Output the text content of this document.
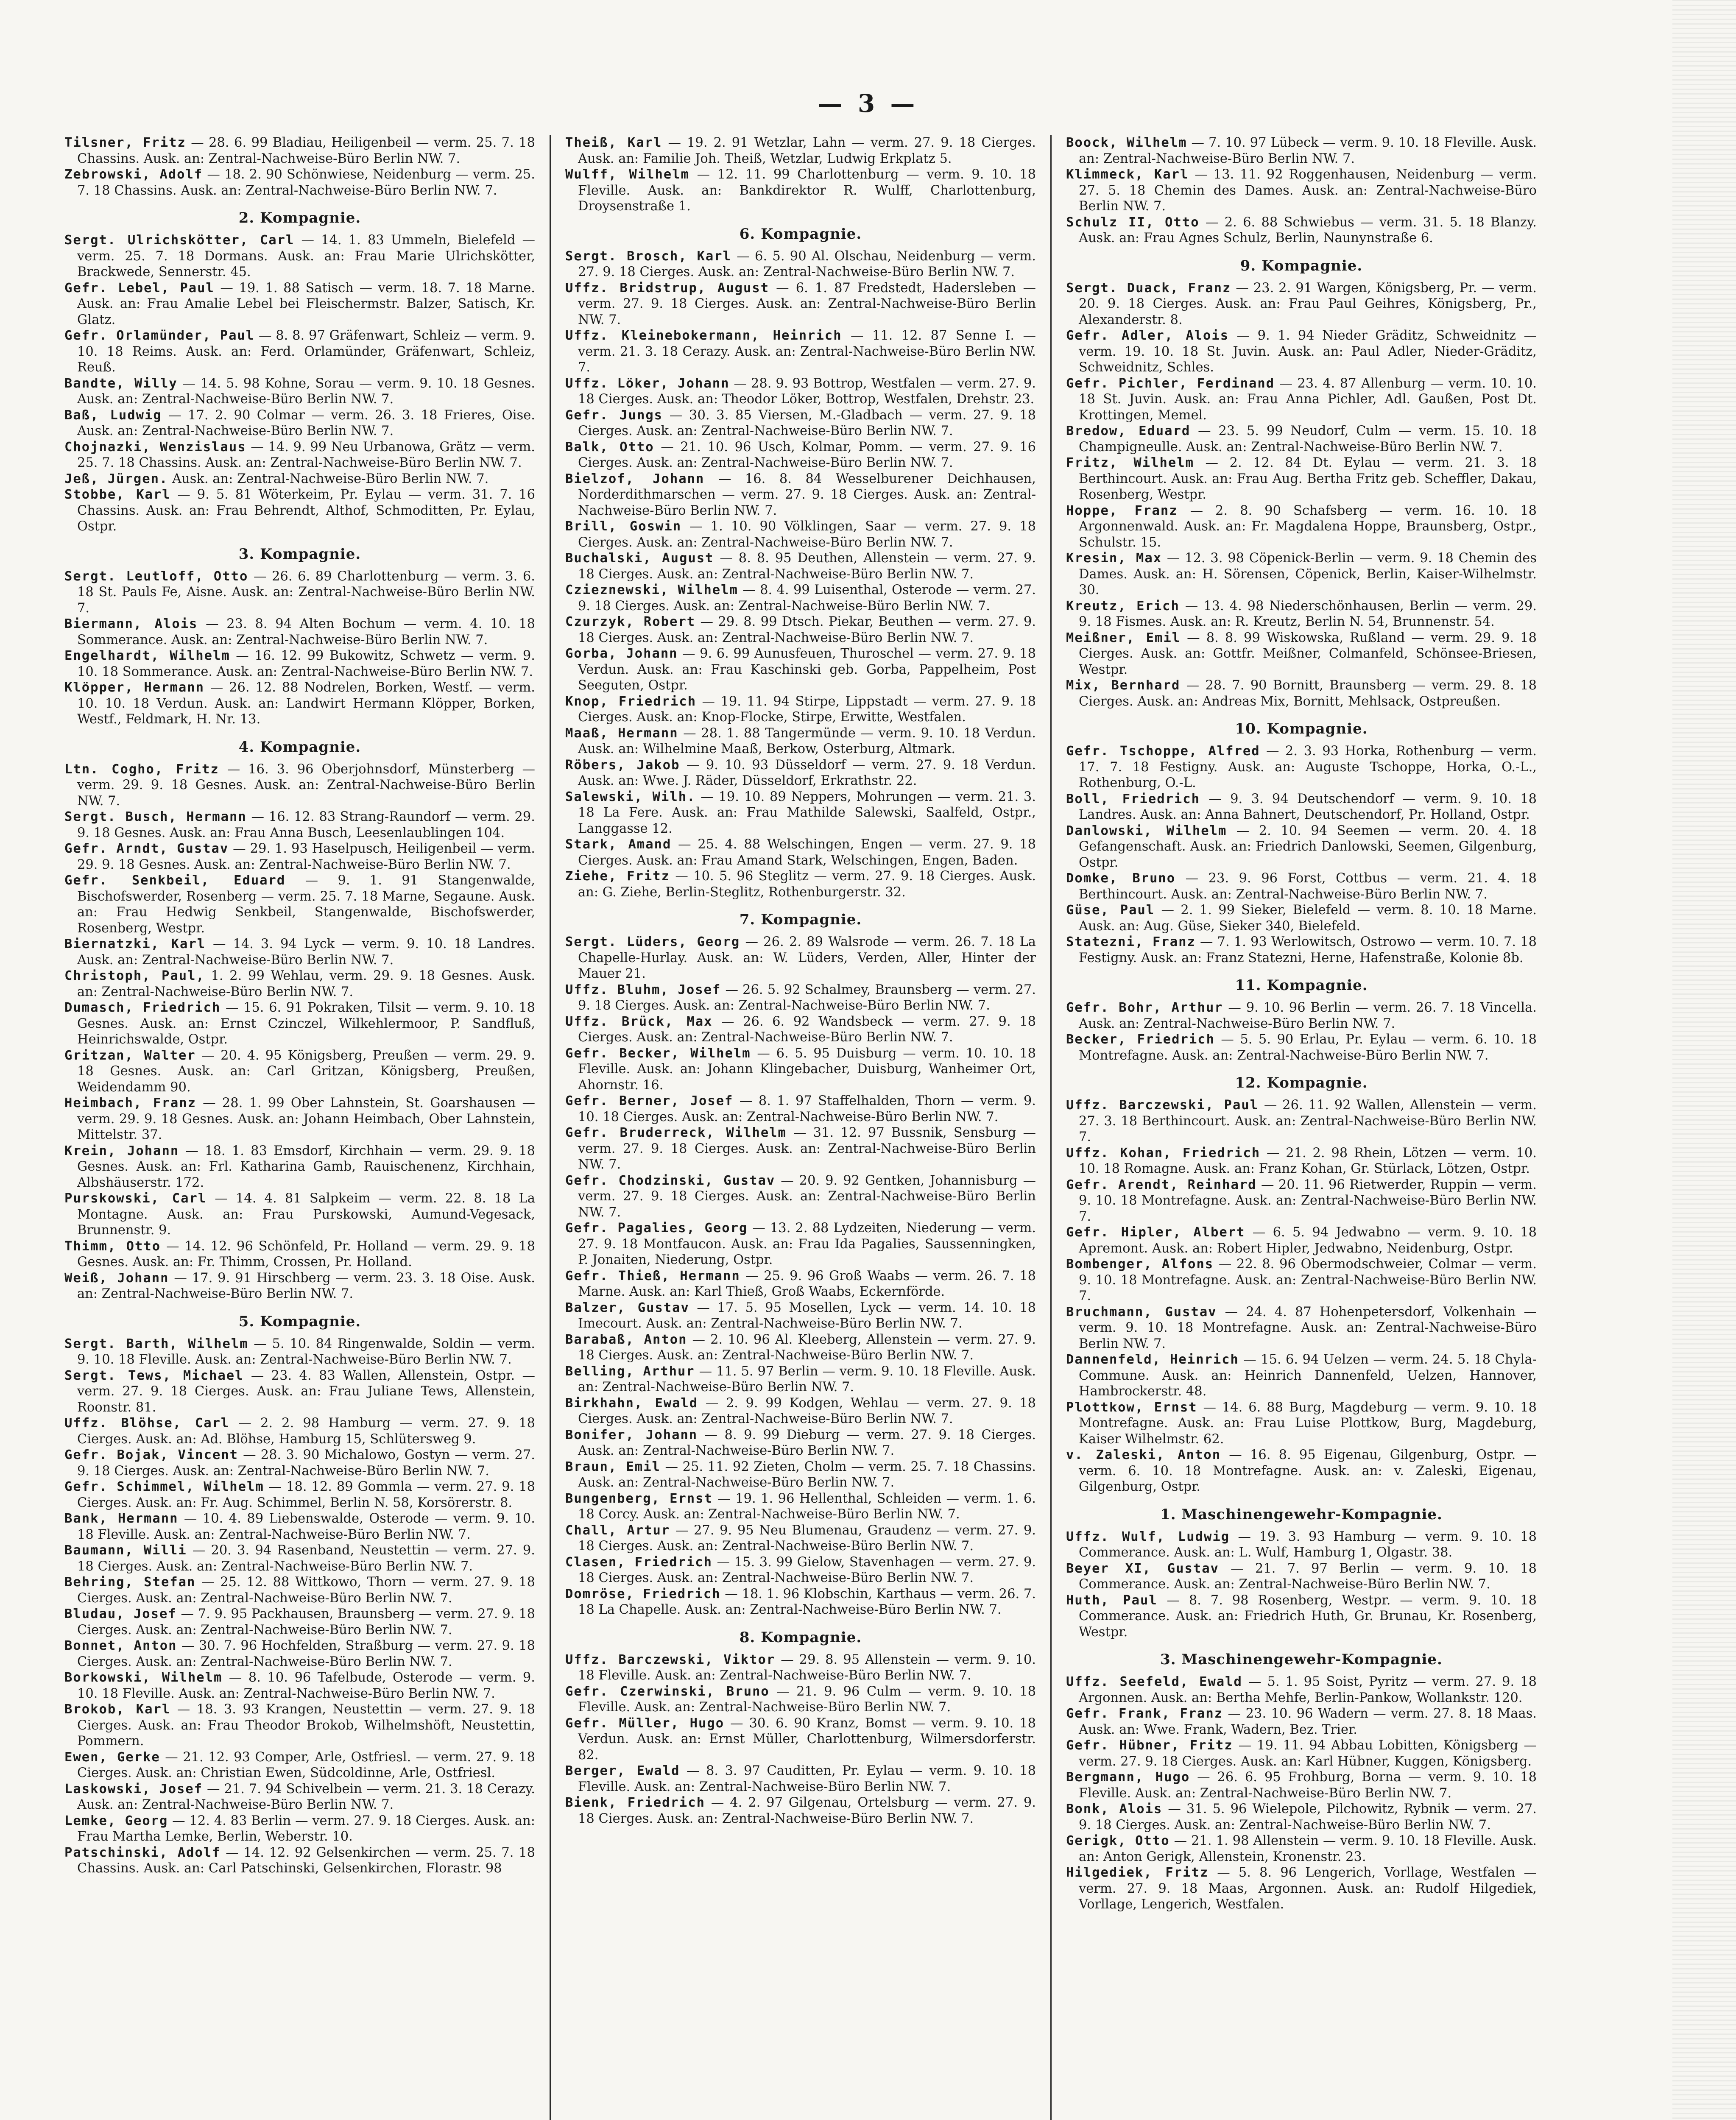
— 3 —
Tilsner, Fritz — 28. 6. 99 Bladiau, Heiligenbeil — verm. 25. 7. 18 Chassins. Ausk. an: Zentral-Nachweise-Büro Berlin NW. 7.
Zebrowski, Adolf — 18. 2. 90 Schönwiese, Neidenburg — verm. 25. 7. 18 Chassins. Ausk. an: Zentral-Nachweise-Büro Berlin NW. 7.
2. Kompagnie.
Sergt. Ulrichskötter, Carl — 14. 1. 83 Ummeln, Bielefeld — verm. 25. 7. 18 Dormans. Ausk. an: Frau Marie Ulrichskötter, Brackwede, Sennerstr. 45.
Gefr. Lebel, Paul — 19. 1. 88 Satisch — verm. 18. 7. 18 Marne. Ausk. an: Frau Amalie Lebel bei Fleischermstr. Balzer, Satisch, Kr. Glatz.
Gefr. Orlamünder, Paul — 8. 8. 97 Gräfenwart, Schleiz — verm. 9. 10. 18 Reims. Ausk. an: Ferd. Orlamünder, Gräfenwart, Schleiz, Reuß.
Bandte, Willy — 14. 5. 98 Kohne, Sorau — verm. 9. 10. 18 Gesnes. Ausk. an: Zentral-Nachweise-Büro Berlin NW. 7.
Baß, Ludwig — 17. 2. 90 Colmar — verm. 26. 3. 18 Frieres, Oise. Ausk. an: Zentral-Nachweise-Büro Berlin NW. 7.
Chojnazki, Wenzislaus — 14. 9. 99 Neu Urbanowa, Grätz — verm. 25. 7. 18 Chassins. Ausk. an: Zentral-Nachweise-Büro Berlin NW. 7.
Jeß, Jürgen. Ausk. an: Zentral-Nachweise-Büro Berlin NW. 7.
Stobbe, Karl — 9. 5. 81 Wöterkeim, Pr. Eylau — verm. 31. 7. 16 Chassins. Ausk. an: Frau Behrendt, Althof, Schmoditten, Pr. Eylau, Ostpr.
3. Kompagnie.
Sergt. Leutloff, Otto — 26. 6. 89 Charlottenburg — verm. 3. 6. 18 St. Pauls Fe, Aisne. Ausk. an: Zentral-Nachweise-Büro Berlin NW. 7.
Biermann, Alois — 23. 8. 94 Alten Bochum — verm. 4. 10. 18 Sommerance. Ausk. an: Zentral-Nachweise-Büro Berlin NW. 7.
Engelhardt, Wilhelm — 16. 12. 99 Bukowitz, Schwetz — verm. 9. 10. 18 Sommerance. Ausk. an: Zentral-Nachweise-Büro Berlin NW. 7.
Klöpper, Hermann — 26. 12. 88 Nodrelen, Borken, Westf. — verm. 10. 10. 18 Verdun. Ausk. an: Landwirt Hermann Klöpper, Borken, Westf., Feldmark, H. Nr. 13.
4. Kompagnie.
Ltn. Cogho, Fritz — 16. 3. 96 Oberjohnsdorf, Münsterberg — verm. 29. 9. 18 Gesnes. Ausk. an: Zentral-Nachweise-Büro Berlin NW. 7.
Sergt. Busch, Hermann — 16. 12. 83 Strang-Raundorf — verm. 29. 9. 18 Gesnes. Ausk. an: Frau Anna Busch, Leesenlaublingen 104.
Gefr. Arndt, Gustav — 29. 1. 93 Haselpusch, Heiligenbeil — verm. 29. 9. 18 Gesnes. Ausk. an: Zentral-Nachweise-Büro Berlin NW. 7.
Gefr. Senkbeil, Eduard — 9. 1. 91 Stangenwalde, Bischofswerder, Rosenberg — verm. 25. 7. 18 Marne, Segaune. Ausk. an: Frau Hedwig Senkbeil, Stangenwalde, Bischofswerder, Rosenberg, Westpr.
Biernatzki, Karl — 14. 3. 94 Lyck — verm. 9. 10. 18 Landres. Ausk. an: Zentral-Nachweise-Büro Berlin NW. 7.
Christoph, Paul, 1. 2. 99 Wehlau, verm. 29. 9. 18 Gesnes. Ausk. an: Zentral-Nachweise-Büro Berlin NW. 7.
Dumasch, Friedrich — 15. 6. 91 Pokraken, Tilsit — verm. 9. 10. 18 Gesnes. Ausk. an: Ernst Czinczel, Wilkehlermoor, P. Sandfluß, Heinrichswalde, Ostpr.
Gritzan, Walter — 20. 4. 95 Königsberg, Preußen — verm. 29. 9. 18 Gesnes. Ausk. an: Carl Gritzan, Königsberg, Preußen, Weidendamm 90.
Heimbach, Franz — 28. 1. 99 Ober Lahnstein, St. Goarshausen — verm. 29. 9. 18 Gesnes. Ausk. an: Johann Heimbach, Ober Lahnstein, Mittelstr. 37.
Krein, Johann — 18. 1. 83 Emsdorf, Kirchhain — verm. 29. 9. 18 Gesnes. Ausk. an: Frl. Katharina Gamb, Rauischenenz, Kirchhain, Albshäuserstr. 172.
Purskowski, Carl — 14. 4. 81 Salpkeim — verm. 22. 8. 18 La Montagne. Ausk. an: Frau Purskowski, Aumund-Vegesack, Brunnenstr. 9.
Thimm, Otto — 14. 12. 96 Schönfeld, Pr. Holland — verm. 29. 9. 18 Gesnes. Ausk. an: Fr. Thimm, Crossen, Pr. Holland.
Weiß, Johann — 17. 9. 91 Hirschberg — verm. 23. 3. 18 Oise. Ausk. an: Zentral-Nachweise-Büro Berlin NW. 7.
5. Kompagnie.
Sergt. Barth, Wilhelm — 5. 10. 84 Ringenwalde, Soldin — verm. 9. 10. 18 Fleville. Ausk. an: Zentral-Nachweise-Büro Berlin NW. 7.
Sergt. Tews, Michael — 23. 4. 83 Wallen, Allenstein, Ostpr. — verm. 27. 9. 18 Cierges. Ausk. an: Frau Juliane Tews, Allenstein, Roonstr. 81.
Uffz. Blöhse, Carl — 2. 2. 98 Hamburg — verm. 27. 9. 18 Cierges. Ausk. an: Ad. Blöhse, Hamburg 15, Schlütersweg 9.
Gefr. Bojak, Vincent — 28. 3. 90 Michalowo, Gostyn — verm. 27. 9. 18 Cierges. Ausk. an: Zentral-Nachweise-Büro Berlin NW. 7.
Gefr. Schimmel, Wilhelm — 18. 12. 89 Gommla — verm. 27. 9. 18 Cierges. Ausk. an: Fr. Aug. Schimmel, Berlin N. 58, Korsörerstr. 8.
Bank, Hermann — 10. 4. 89 Liebenswalde, Osterode — verm. 9. 10. 18 Fleville. Ausk. an: Zentral-Nachweise-Büro Berlin NW. 7.
Baumann, Willi — 20. 3. 94 Rasenband, Neustettin — verm. 27. 9. 18 Cierges. Ausk. an: Zentral-Nachweise-Büro Berlin NW. 7.
Behring, Stefan — 25. 12. 88 Wittkowo, Thorn — verm. 27. 9. 18 Cierges. Ausk. an: Zentral-Nachweise-Büro Berlin NW. 7.
Bludau, Josef — 7. 9. 95 Packhausen, Braunsberg — verm. 27. 9. 18 Cierges. Ausk. an: Zentral-Nachweise-Büro Berlin NW. 7.
Bonnet, Anton — 30. 7. 96 Hochfelden, Straßburg — verm. 27. 9. 18 Cierges. Ausk. an: Zentral-Nachweise-Büro Berlin NW. 7.
Borkowski, Wilhelm — 8. 10. 96 Tafelbude, Osterode — verm. 9. 10. 18 Fleville. Ausk. an: Zentral-Nachweise-Büro Berlin NW. 7.
Brokob, Karl — 18. 3. 93 Krangen, Neustettin — verm. 27. 9. 18 Cierges. Ausk. an: Frau Theodor Brokob, Wilhelmshöft, Neustettin, Pommern.
Ewen, Gerke — 21. 12. 93 Comper, Arle, Ostfriesl. — verm. 27. 9. 18 Cierges. Ausk. an: Christian Ewen, Südcoldinne, Arle, Ostfriesl.
Laskowski, Josef — 21. 7. 94 Schivelbein — verm. 21. 3. 18 Cerazy. Ausk. an: Zentral-Nachweise-Büro Berlin NW. 7.
Lemke, Georg — 12. 4. 83 Berlin — verm. 27. 9. 18 Cierges. Ausk. an: Frau Martha Lemke, Berlin, Weberstr. 10.
Patschinski, Adolf — 14. 12. 92 Gelsenkirchen — verm. 25. 7. 18 Chassins. Ausk. an: Carl Patschinski, Gelsenkirchen, Florastr. 98
Theiß, Karl — 19. 2. 91 Wetzlar, Lahn — verm. 27. 9. 18 Cierges. Ausk. an: Familie Joh. Theiß, Wetzlar, Ludwig Erkplatz 5.
Wulff, Wilhelm — 12. 11. 99 Charlottenburg — verm. 9. 10. 18 Fleville. Ausk. an: Bankdirektor R. Wulff, Charlottenburg, Droysenstraße 1.
6. Kompagnie.
Sergt. Brosch, Karl — 6. 5. 90 Al. Olschau, Neidenburg — verm. 27. 9. 18 Cierges. Ausk. an: Zentral-Nachweise-Büro Berlin NW. 7.
Uffz. Bridstrup, August — 6. 1. 87 Fredstedt, Hadersleben — verm. 27. 9. 18 Cierges. Ausk. an: Zentral-Nachweise-Büro Berlin NW. 7.
Uffz. Kleinebokermann, Heinrich — 11. 12. 87 Senne I. — verm. 21. 3. 18 Cerazy. Ausk. an: Zentral-Nachweise-Büro Berlin NW. 7.
Uffz. Löker, Johann — 28. 9. 93 Bottrop, Westfalen — verm. 27. 9. 18 Cierges. Ausk. an: Theodor Löker, Bottrop, Westfalen, Drehstr. 23.
Gefr. Jungs — 30. 3. 85 Viersen, M.-Gladbach — verm. 27. 9. 18 Cierges. Ausk. an: Zentral-Nachweise-Büro Berlin NW. 7.
Balk, Otto — 21. 10. 96 Usch, Kolmar, Pomm. — verm. 27. 9. 16 Cierges. Ausk. an: Zentral-Nachweise-Büro Berlin NW. 7.
Bielzof, Johann — 16. 8. 84 Wesselburener Deichhausen, Norderdithmarschen — verm. 27. 9. 18 Cierges. Ausk. an: Zentral-Nachweise-Büro Berlin NW. 7.
Brill, Goswin — 1. 10. 90 Völklingen, Saar — verm. 27. 9. 18 Cierges. Ausk. an: Zentral-Nachweise-Büro Berlin NW. 7.
Buchalski, August — 8. 8. 95 Deuthen, Allenstein — verm. 27. 9. 18 Cierges. Ausk. an: Zentral-Nachweise-Büro Berlin NW. 7.
Czieznewski, Wilhelm — 8. 4. 99 Luisenthal, Osterode — verm. 27. 9. 18 Cierges. Ausk. an: Zentral-Nachweise-Büro Berlin NW. 7.
Czurzyk, Robert — 29. 8. 99 Dtsch. Piekar, Beuthen — verm. 27. 9. 18 Cierges. Ausk. an: Zentral-Nachweise-Büro Berlin NW. 7.
Gorba, Johann — 9. 6. 99 Aunusfeuen, Thuroschel — verm. 27. 9. 18 Verdun. Ausk. an: Frau Kaschinski geb. Gorba, Pappelheim, Post Seeguten, Ostpr.
Knop, Friedrich — 19. 11. 94 Stirpe, Lippstadt — verm. 27. 9. 18 Cierges. Ausk. an: Knop-Flocke, Stirpe, Erwitte, Westfalen.
Maaß, Hermann — 28. 1. 88 Tangermünde — verm. 9. 10. 18 Verdun. Ausk. an: Wilhelmine Maaß, Berkow, Osterburg, Altmark.
Röbers, Jakob — 9. 10. 93 Düsseldorf — verm. 27. 9. 18 Verdun. Ausk. an: Wwe. J. Räder, Düsseldorf, Erkrathstr. 22.
Salewski, Wilh. — 19. 10. 89 Neppers, Mohrungen — verm. 21. 3. 18 La Fere. Ausk. an: Frau Mathilde Salewski, Saalfeld, Ostpr., Langgasse 12.
Stark, Amand — 25. 4. 88 Welschingen, Engen — verm. 27. 9. 18 Cierges. Ausk. an: Frau Amand Stark, Welschingen, Engen, Baden.
Ziehe, Fritz — 10. 5. 96 Steglitz — verm. 27. 9. 18 Cierges. Ausk. an: G. Ziehe, Berlin-Steglitz, Rothenburgerstr. 32.
7. Kompagnie.
Sergt. Lüders, Georg — 26. 2. 89 Walsrode — verm. 26. 7. 18 La Chapelle-Hurlay. Ausk. an: W. Lüders, Verden, Aller, Hinter der Mauer 21.
Uffz. Bluhm, Josef — 26. 5. 92 Schalmey, Braunsberg — verm. 27. 9. 18 Cierges. Ausk. an: Zentral-Nachweise-Büro Berlin NW. 7.
Uffz. Brück, Max — 26. 6. 92 Wandsbeck — verm. 27. 9. 18 Cierges. Ausk. an: Zentral-Nachweise-Büro Berlin NW. 7.
Gefr. Becker, Wilhelm — 6. 5. 95 Duisburg — verm. 10. 10. 18 Fleville. Ausk. an: Johann Klingebacher, Duisburg, Wanheimer Ort, Ahornstr. 16.
Gefr. Berner, Josef — 8. 1. 97 Staffelhalden, Thorn — verm. 9. 10. 18 Cierges. Ausk. an: Zentral-Nachweise-Büro Berlin NW. 7.
Gefr. Bruderreck, Wilhelm — 31. 12. 97 Bussnik, Sensburg — verm. 27. 9. 18 Cierges. Ausk. an: Zentral-Nachweise-Büro Berlin NW. 7.
Gefr. Chodzinski, Gustav — 20. 9. 92 Gentken, Johannisburg — verm. 27. 9. 18 Cierges. Ausk. an: Zentral-Nachweise-Büro Berlin NW. 7.
Gefr. Pagalies, Georg — 13. 2. 88 Lydzeiten, Niederung — verm. 27. 9. 18 Montfaucon. Ausk. an: Frau Ida Pagalies, Saussenningken, P. Jonaiten, Niederung, Ostpr.
Gefr. Thieß, Hermann — 25. 9. 96 Groß Waabs — verm. 26. 7. 18 Marne. Ausk. an: Karl Thieß, Groß Waabs, Eckernförde.
Balzer, Gustav — 17. 5. 95 Mosellen, Lyck — verm. 14. 10. 18 Imecourt. Ausk. an: Zentral-Nachweise-Büro Berlin NW. 7.
Barabaß, Anton — 2. 10. 96 Al. Kleeberg, Allenstein — verm. 27. 9. 18 Cierges. Ausk. an: Zentral-Nachweise-Büro Berlin NW. 7.
Belling, Arthur — 11. 5. 97 Berlin — verm. 9. 10. 18 Fleville. Ausk. an: Zentral-Nachweise-Büro Berlin NW. 7.
Birkhahn, Ewald — 2. 9. 99 Kodgen, Wehlau — verm. 27. 9. 18 Cierges. Ausk. an: Zentral-Nachweise-Büro Berlin NW. 7.
Bonifer, Johann — 8. 9. 99 Dieburg — verm. 27. 9. 18 Cierges. Ausk. an: Zentral-Nachweise-Büro Berlin NW. 7.
Braun, Emil — 25. 11. 92 Zieten, Cholm — verm. 25. 7. 18 Chassins. Ausk. an: Zentral-Nachweise-Büro Berlin NW. 7.
Bungenberg, Ernst — 19. 1. 96 Hellenthal, Schleiden — verm. 1. 6. 18 Corcy. Ausk. an: Zentral-Nachweise-Büro Berlin NW. 7.
Chall, Artur — 27. 9. 95 Neu Blumenau, Graudenz — verm. 27. 9. 18 Cierges. Ausk. an: Zentral-Nachweise-Büro Berlin NW. 7.
Clasen, Friedrich — 15. 3. 99 Gielow, Stavenhagen — verm. 27. 9. 18 Cierges. Ausk. an: Zentral-Nachweise-Büro Berlin NW. 7.
Domröse, Friedrich — 18. 1. 96 Klobschin, Karthaus — verm. 26. 7. 18 La Chapelle. Ausk. an: Zentral-Nachweise-Büro Berlin NW. 7.
8. Kompagnie.
Uffz. Barczewski, Viktor — 29. 8. 95 Allenstein — verm. 9. 10. 18 Fleville. Ausk. an: Zentral-Nachweise-Büro Berlin NW. 7.
Gefr. Czerwinski, Bruno — 21. 9. 96 Culm — verm. 9. 10. 18 Fleville. Ausk. an: Zentral-Nachweise-Büro Berlin NW. 7.
Gefr. Müller, Hugo — 30. 6. 90 Kranz, Bomst — verm. 9. 10. 18 Verdun. Ausk. an: Ernst Müller, Charlottenburg, Wilmersdorferstr. 82.
Berger, Ewald — 8. 3. 97 Cauditten, Pr. Eylau — verm. 9. 10. 18 Fleville. Ausk. an: Zentral-Nachweise-Büro Berlin NW. 7.
Bienk, Friedrich — 4. 2. 97 Gilgenau, Ortelsburg — verm. 27. 9. 18 Cierges. Ausk. an: Zentral-Nachweise-Büro Berlin NW. 7.
Boock, Wilhelm — 7. 10. 97 Lübeck — verm. 9. 10. 18 Fleville. Ausk. an: Zentral-Nachweise-Büro Berlin NW. 7.
Klimmeck, Karl — 13. 11. 92 Roggenhausen, Neidenburg — verm. 27. 5. 18 Chemin des Dames. Ausk. an: Zentral-Nachweise-Büro Berlin NW. 7.
Schulz II, Otto — 2. 6. 88 Schwiebus — verm. 31. 5. 18 Blanzy. Ausk. an: Frau Agnes Schulz, Berlin, Naunynstraße 6.
9. Kompagnie.
Sergt. Duack, Franz — 23. 2. 91 Wargen, Königsberg, Pr. — verm. 20. 9. 18 Cierges. Ausk. an: Frau Paul Geihres, Königsberg, Pr., Alexanderstr. 8.
Gefr. Adler, Alois — 9. 1. 94 Nieder Gräditz, Schweidnitz — verm. 19. 10. 18 St. Juvin. Ausk. an: Paul Adler, Nieder-Gräditz, Schweidnitz, Schles.
Gefr. Pichler, Ferdinand — 23. 4. 87 Allenburg — verm. 10. 10. 18 St. Juvin. Ausk. an: Frau Anna Pichler, Adl. Gaußen, Post Dt. Krottingen, Memel.
Bredow, Eduard — 23. 5. 99 Neudorf, Culm — verm. 15. 10. 18 Champigneulle. Ausk. an: Zentral-Nachweise-Büro Berlin NW. 7.
Fritz, Wilhelm — 2. 12. 84 Dt. Eylau — verm. 21. 3. 18 Berthincourt. Ausk. an: Frau Aug. Bertha Fritz geb. Scheffler, Dakau, Rosenberg, Westpr.
Hoppe, Franz — 2. 8. 90 Schafsberg — verm. 16. 10. 18 Argonnenwald. Ausk. an: Fr. Magdalena Hoppe, Braunsberg, Ostpr., Schulstr. 15.
Kresin, Max — 12. 3. 98 Cöpenick-Berlin — verm. 9. 18 Chemin des Dames. Ausk. an: H. Sörensen, Cöpenick, Berlin, Kaiser-Wilhelmstr. 30.
Kreutz, Erich — 13. 4. 98 Niederschönhausen, Berlin — verm. 29. 9. 18 Fismes. Ausk. an: R. Kreutz, Berlin N. 54, Brunnenstr. 54.
Meißner, Emil — 8. 8. 99 Wiskowska, Rußland — verm. 29. 9. 18 Cierges. Ausk. an: Gottfr. Meißner, Colmanfeld, Schönsee-Briesen, Westpr.
Mix, Bernhard — 28. 7. 90 Bornitt, Braunsberg — verm. 29. 8. 18 Cierges. Ausk. an: Andreas Mix, Bornitt, Mehlsack, Ostpreußen.
10. Kompagnie.
Gefr. Tschoppe, Alfred — 2. 3. 93 Horka, Rothenburg — verm. 17. 7. 18 Festigny. Ausk. an: Auguste Tschoppe, Horka, O.-L., Rothenburg, O.-L.
Boll, Friedrich — 9. 3. 94 Deutschendorf — verm. 9. 10. 18 Landres. Ausk. an: Anna Bahnert, Deutschendorf, Pr. Holland, Ostpr.
Danlowski, Wilhelm — 2. 10. 94 Seemen — verm. 20. 4. 18 Gefangenschaft. Ausk. an: Friedrich Danlowski, Seemen, Gilgenburg, Ostpr.
Domke, Bruno — 23. 9. 96 Forst, Cottbus — verm. 21. 4. 18 Berthincourt. Ausk. an: Zentral-Nachweise-Büro Berlin NW. 7.
Güse, Paul — 2. 1. 99 Sieker, Bielefeld — verm. 8. 10. 18 Marne. Ausk. an: Aug. Güse, Sieker 340, Bielefeld.
Statezni, Franz — 7. 1. 93 Werlowitsch, Ostrowo — verm. 10. 7. 18 Festigny. Ausk. an: Franz Statezni, Herne, Hafenstraße, Kolonie 8b.
11. Kompagnie.
Gefr. Bohr, Arthur — 9. 10. 96 Berlin — verm. 26. 7. 18 Vincella. Ausk. an: Zentral-Nachweise-Büro Berlin NW. 7.
Becker, Friedrich — 5. 5. 90 Erlau, Pr. Eylau — verm. 6. 10. 18 Montrefagne. Ausk. an: Zentral-Nachweise-Büro Berlin NW. 7.
12. Kompagnie.
Uffz. Barczewski, Paul — 26. 11. 92 Wallen, Allenstein — verm. 27. 3. 18 Berthincourt. Ausk. an: Zentral-Nachweise-Büro Berlin NW. 7.
Uffz. Kohan, Friedrich — 21. 2. 98 Rhein, Lötzen — verm. 10. 10. 18 Romagne. Ausk. an: Franz Kohan, Gr. Stürlack, Lötzen, Ostpr.
Gefr. Arendt, Reinhard — 20. 11. 96 Rietwerder, Ruppin — verm. 9. 10. 18 Montrefagne. Ausk. an: Zentral-Nachweise-Büro Berlin NW. 7.
Gefr. Hipler, Albert — 6. 5. 94 Jedwabno — verm. 9. 10. 18 Apremont. Ausk. an: Robert Hipler, Jedwabno, Neidenburg, Ostpr.
Bombenger, Alfons — 22. 8. 96 Obermodschweier, Colmar — verm. 9. 10. 18 Montrefagne. Ausk. an: Zentral-Nachweise-Büro Berlin NW. 7.
Bruchmann, Gustav — 24. 4. 87 Hohenpetersdorf, Volkenhain — verm. 9. 10. 18 Montrefagne. Ausk. an: Zentral-Nachweise-Büro Berlin NW. 7.
Dannenfeld, Heinrich — 15. 6. 94 Uelzen — verm. 24. 5. 18 Chyla-Commune. Ausk. an: Heinrich Dannenfeld, Uelzen, Hannover, Hambrockerstr. 48.
Plottkow, Ernst — 14. 6. 88 Burg, Magdeburg — verm. 9. 10. 18 Montrefagne. Ausk. an: Frau Luise Plottkow, Burg, Magdeburg, Kaiser Wilhelmstr. 62.
v. Zaleski, Anton — 16. 8. 95 Eigenau, Gilgenburg, Ostpr. — verm. 6. 10. 18 Montrefagne. Ausk. an: v. Zaleski, Eigenau, Gilgenburg, Ostpr.
1. Maschinengewehr-Kompagnie.
Uffz. Wulf, Ludwig — 19. 3. 93 Hamburg — verm. 9. 10. 18 Commerance. Ausk. an: L. Wulf, Hamburg 1, Olgastr. 38.
Beyer XI, Gustav — 21. 7. 97 Berlin — verm. 9. 10. 18 Commerance. Ausk. an: Zentral-Nachweise-Büro Berlin NW. 7.
Huth, Paul — 8. 7. 98 Rosenberg, Westpr. — verm. 9. 10. 18 Commerance. Ausk. an: Friedrich Huth, Gr. Brunau, Kr. Rosenberg, Westpr.
3. Maschinengewehr-Kompagnie.
Uffz. Seefeld, Ewald — 5. 1. 95 Soist, Pyritz — verm. 27. 9. 18 Argonnen. Ausk. an: Bertha Mehfe, Berlin-Pankow, Wollankstr. 120.
Gefr. Frank, Franz — 23. 10. 96 Wadern — verm. 27. 8. 18 Maas. Ausk. an: Wwe. Frank, Wadern, Bez. Trier.
Gefr. Hübner, Fritz — 19. 11. 94 Abbau Lobitten, Königsberg — verm. 27. 9. 18 Cierges. Ausk. an: Karl Hübner, Kuggen, Königsberg.
Bergmann, Hugo — 26. 6. 95 Frohburg, Borna — verm. 9. 10. 18 Fleville. Ausk. an: Zentral-Nachweise-Büro Berlin NW. 7.
Bonk, Alois — 31. 5. 96 Wielepole, Pilchowitz, Rybnik — verm. 27. 9. 18 Cierges. Ausk. an: Zentral-Nachweise-Büro Berlin NW. 7.
Gerigk, Otto — 21. 1. 98 Allenstein — verm. 9. 10. 18 Fleville. Ausk. an: Anton Gerigk, Allenstein, Kronenstr. 23.
Hilgediek, Fritz — 5. 8. 96 Lengerich, Vorllage, Westfalen — verm. 27. 9. 18 Maas, Argonnen. Ausk. an: Rudolf Hilgediek, Vorllage, Lengerich, Westfalen.
